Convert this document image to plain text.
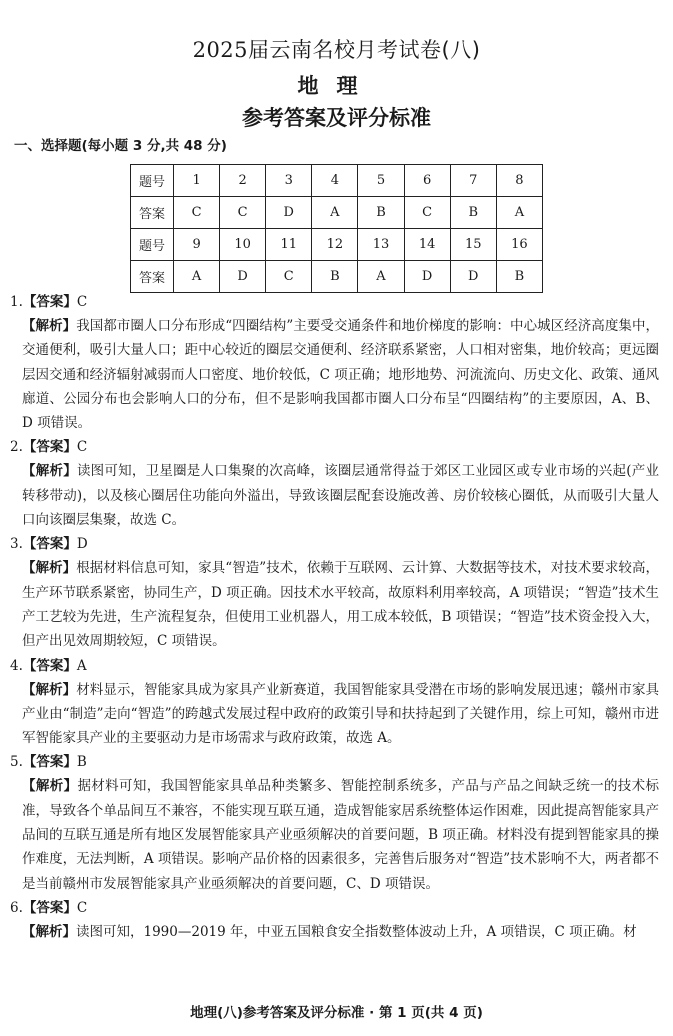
2025届云南名校月考试卷(八)
地理
参考答案及评分标准
一、选择题(每小题 3 分,共 48 分)
题号	1	2	3	4	5	6	7	8
答案	C	C	D	A	B	C	B	A
题号	9	10	11	12	13	14	15	16
答案	A	D	C	B	A	D	D	B
1.【答案】C
【解析】我国都市圈人口分布形成“四圈结构”主要受交通条件和地价梯度的影响：中心城区经济高度集中，交通便利，吸引大量人口；距中心较近的圈层交通便利、经济联系紧密，人口相对密集，地价较高；更远圈层因交通和经济辐射减弱而人口密度、地价较低，C 项正确；地形地势、河流流向、历史文化、政策、通风廊道、公园分布也会影响人口的分布，但不是影响我国都市圈人口分布呈“四圈结构”的主要原因，A、B、D 项错误。
2.【答案】C
【解析】读图可知，卫星圈是人口集聚的次高峰，该圈层通常得益于郊区工业园区或专业市场的兴起(产业转移带动)，以及核心圈居住功能向外溢出，导致该圈层配套设施改善、房价较核心圈低，从而吸引大量人口向该圈层集聚，故选 C。
3.【答案】D
【解析】根据材料信息可知，家具“智造”技术，依赖于互联网、云计算、大数据等技术，对技术要求较高，生产环节联系紧密，协同生产，D 项正确。因技术水平较高，故原料利用率较高，A 项错误；“智造”技术生产工艺较为先进，生产流程复杂，但使用工业机器人，用工成本较低，B 项错误；“智造”技术资金投入大，但产出见效周期较短，C 项错误。
4.【答案】A
【解析】材料显示，智能家具成为家具产业新赛道，我国智能家具受潜在市场的影响发展迅速；赣州市家具产业由“制造”走向“智造”的跨越式发展过程中政府的政策引导和扶持起到了关键作用，综上可知，赣州市进军智能家具产业的主要驱动力是市场需求与政府政策，故选 A。
5.【答案】B
【解析】据材料可知，我国智能家具单品种类繁多、智能控制系统多，产品与产品之间缺乏统一的技术标准，导致各个单品间互不兼容，不能实现互联互通，造成智能家居系统整体运作困难，因此提高智能家具产品间的互联互通是所有地区发展智能家具产业亟须解决的首要问题，B 项正确。材料没有提到智能家具的操作难度，无法判断，A 项错误。影响产品价格的因素很多，完善售后服务对“智造”技术影响不大，两者都不是当前赣州市发展智能家具产业亟须解决的首要问题，C、D 项错误。
6.【答案】C
【解析】读图可知，1990—2019 年，中亚五国粮食安全指数整体波动上升，A 项错误，C 项正确。材
地理(八)参考答案及评分标准 · 第 1 页(共 4 页)
